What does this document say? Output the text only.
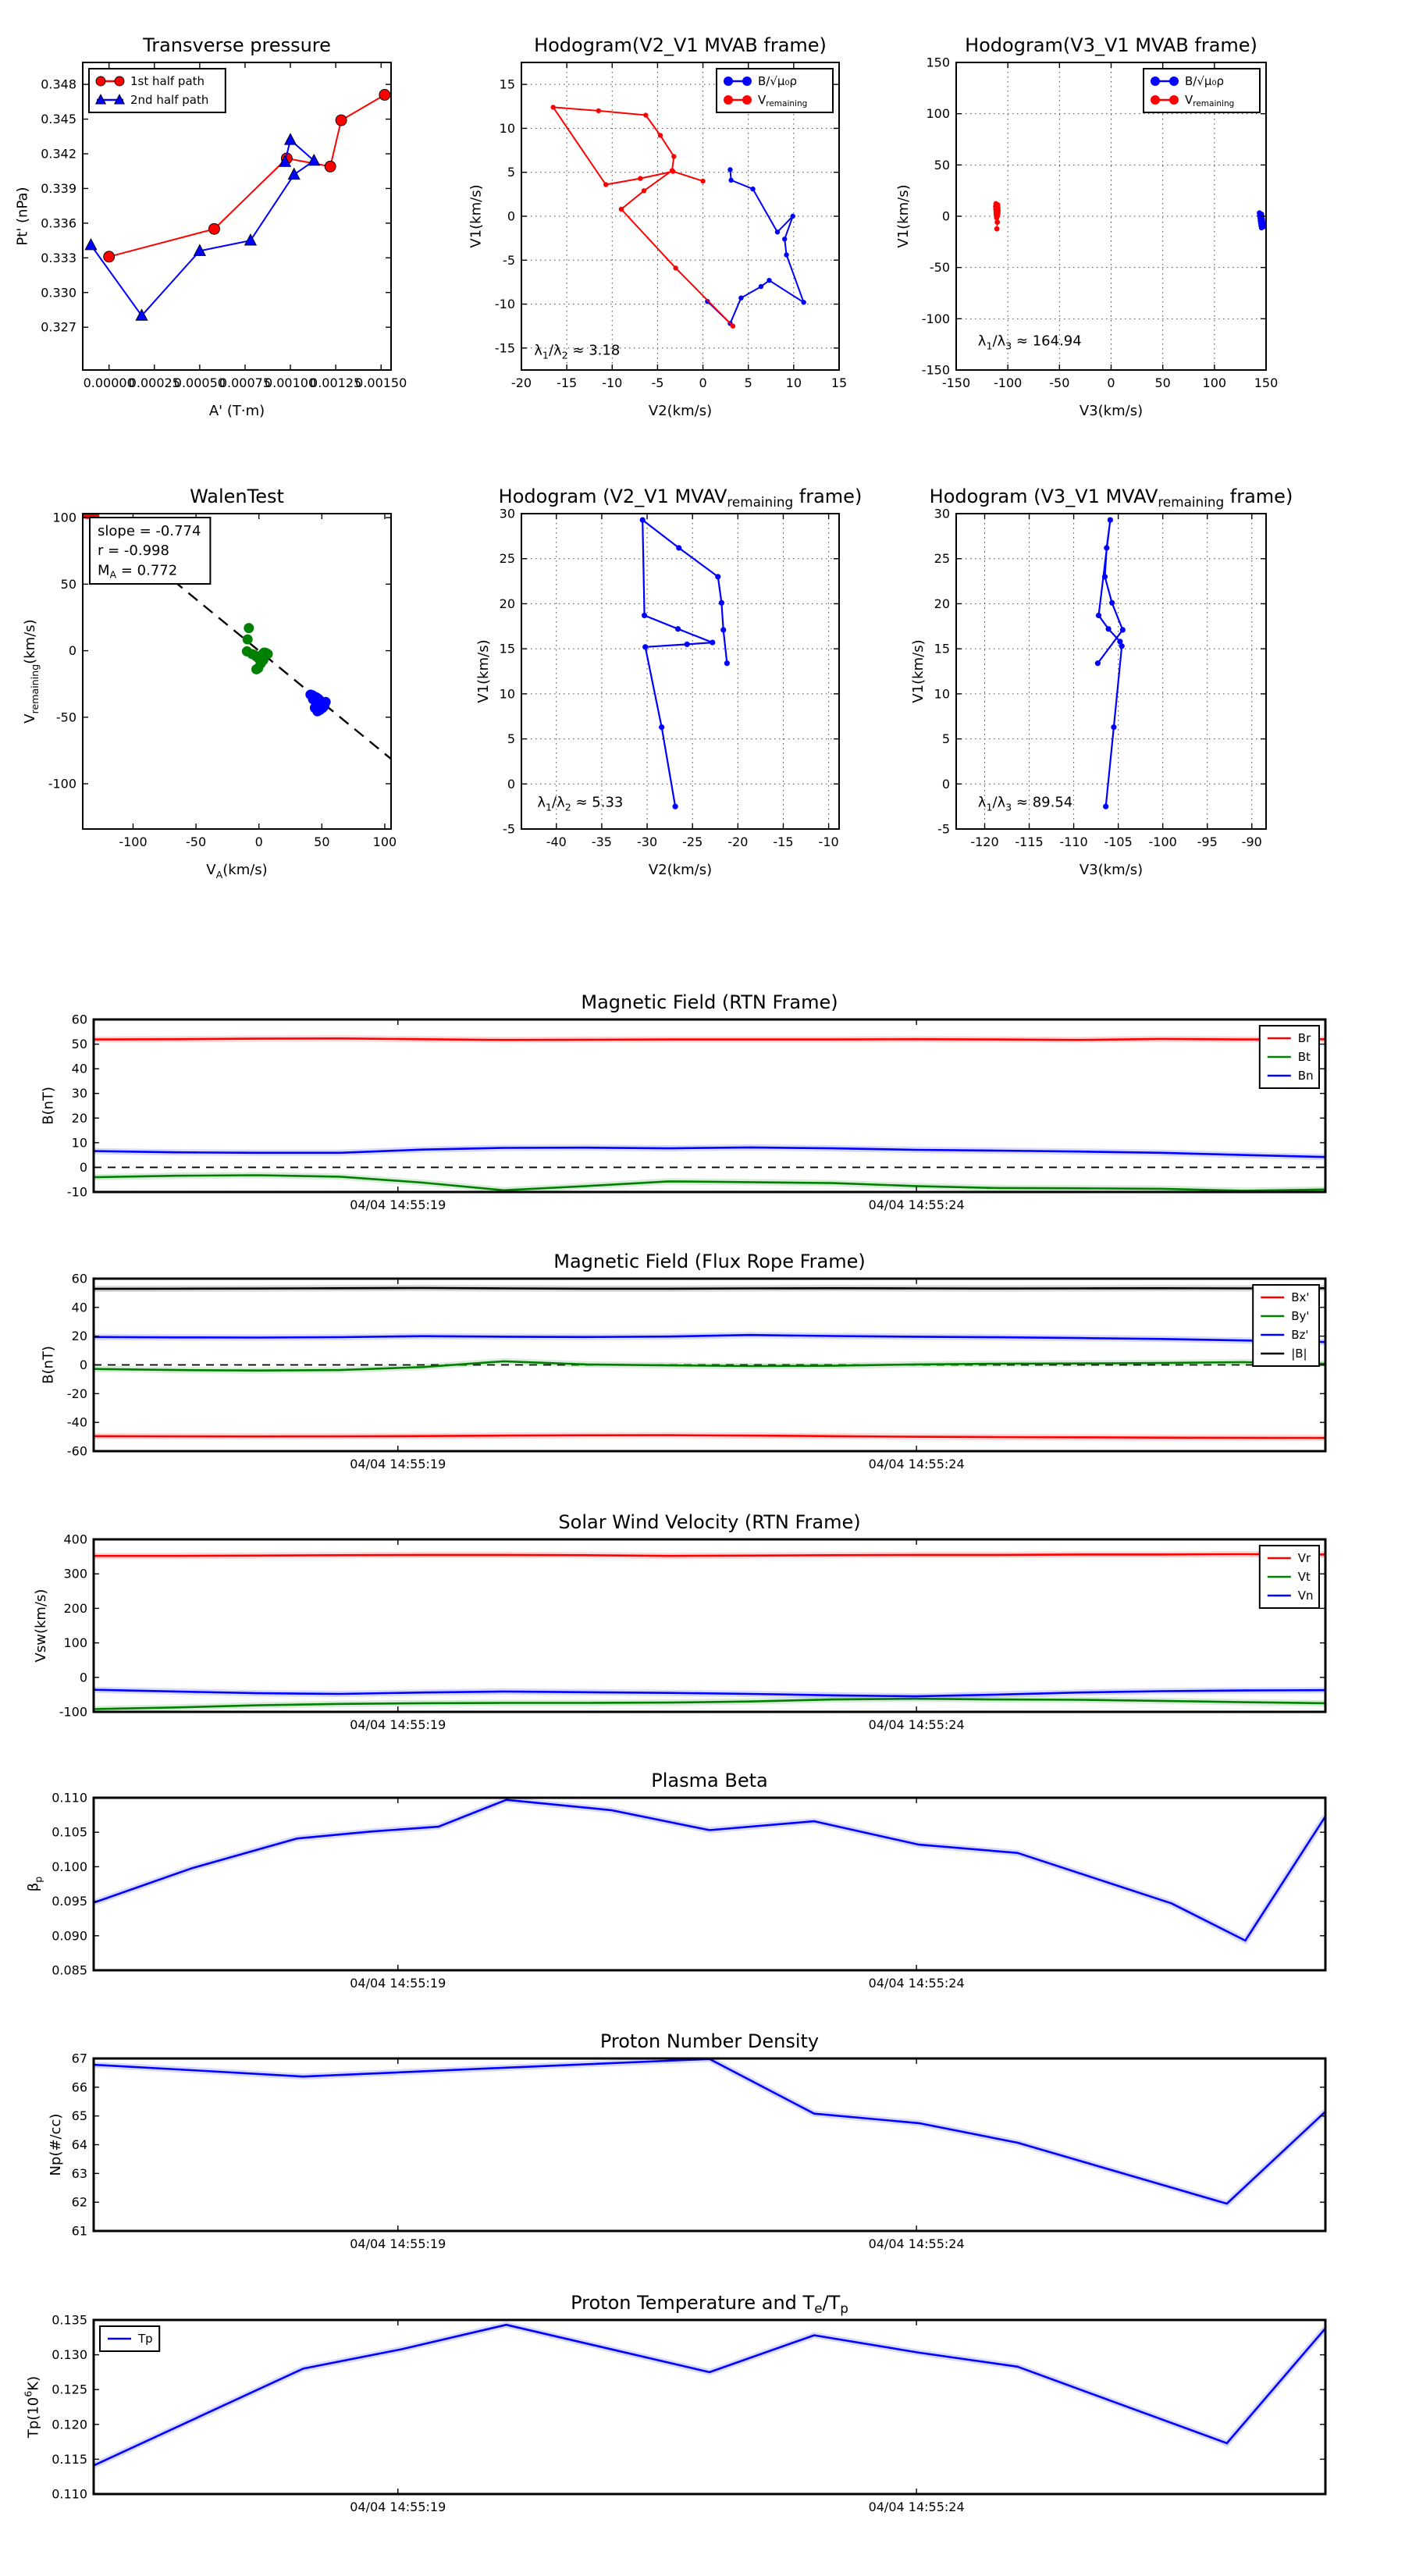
0.00000
0.00025
0.00050
0.00075
0.00100
0.00125
0.00150
0.327
0.330
0.333
0.336
0.339
0.342
0.345
0.348
Transverse pressure
A' (T·m)
Pt' (nPa)
1st half path
2nd half path
-20 -15 -10 -5	0	5	10 15
-15
-10
-5
0
5
10
15
Hodogram(V2_V1 MVAB frame)
V2(km/s)
V1(km/s)
$\lambda_1/\lambda_2 \approx 3.18$
B/√μ₀ρ
$V_{remaining}$
-150 -100 -50	0	50	100 150
-150
-100
-50
0
50
100
150
Hodogram(V3_V1 MVAB frame)
V3(km/s)
V1(km/s)
$\lambda_1/\lambda_3 \approx 164.94$
B/√μ₀ρ
$V_{remaining}$
-100	-50	0	50	100
-100
-50
0
50
100
WalenTest
$V_A(km/s)$
$V_{remaining}(km/s)$
slope = -0.774
r = -0.998
$M_A = 0.772$
-40 -35 -30 -25 -20 -15 -10
-5
0
5
10
15
20
25
30
Hodogram (V2_V1 $MVAV_{remaining}$ frame)
V2(km/s)
V1(km/s)
$\lambda_1/\lambda_2 \approx 5.33$
-120 -115 -110 -105 -100 -95 -90
-5
0
5
10
15
20
25
30
Hodogram (V3_V1 $MVAV_{remaining}$ frame)
V3(km/s)
V1(km/s)
$\lambda_1/\lambda_3 \approx 89.54$
04/04 14:55:19	04/04 14:55:24
-10
0
10
20
30
40
50
60
Magnetic Field (RTN Frame)
B(nT)
Br
Bt
Bn
04/04 14:55:19	04/04 14:55:24
-60
-40
-20
0
20
40
60
Magnetic Field (Flux Rope Frame)
B(nT)
Bx'
By'
Bz'
|B|
04/04 14:55:19	04/04 14:55:24
-100
0
100
200
300
400
Solar Wind Velocity (RTN Frame)
Vsw(km/s)
Vr
Vt
Vn
04/04 14:55:19	04/04 14:55:24
0.085
0.090
0.095
0.100
0.105
0.110
Plasma Beta
$\beta_p$
04/04 14:55:19	04/04 14:55:24
61
62
63
64
65
66
67
Proton Number Density
Np(#/cc)
04/04 14:55:19	04/04 14:55:24
0.110
0.115
0.120
0.125
0.130
0.135
Proton Temperature and $T_e/T_p$
$Tp(10^6K)$
Tp
